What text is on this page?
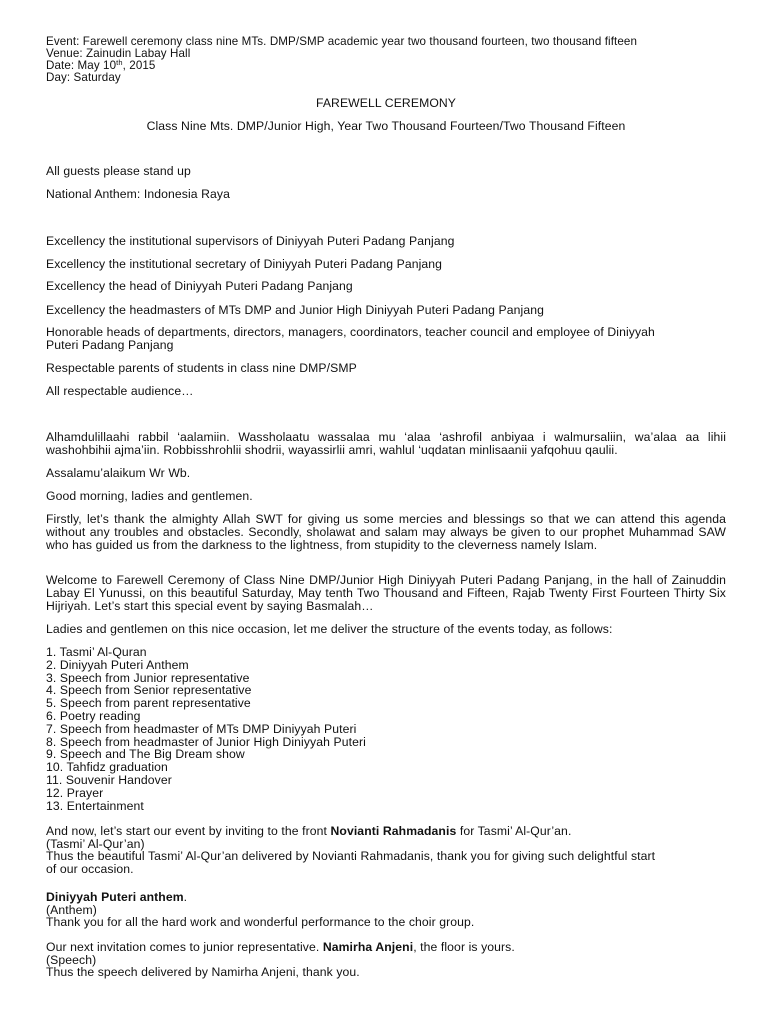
Event: Farewell ceremony class nine MTs. DMP/SMP academic year two thousand fourteen, two thousand fifteen
Venue: Zainudin Labay Hall
Date: May 10th, 2015
Day: Saturday
FAREWELL CEREMONY
Class Nine Mts. DMP/Junior High, Year Two Thousand Fourteen/Two Thousand Fifteen
All guests please stand up
National Anthem: Indonesia Raya
Excellency the institutional supervisors of Diniyyah Puteri Padang Panjang
Excellency the institutional secretary of Diniyyah Puteri Padang Panjang
Excellency the head of Diniyyah Puteri Padang Panjang
Excellency the headmasters of MTs DMP and Junior High Diniyyah Puteri Padang Panjang
Honorable heads of departments, directors, managers, coordinators, teacher council and employee of Diniyyah
Puteri Padang Panjang
Respectable parents of students in class nine DMP/SMP
All respectable audience…
Alhamdulillaahi rabbil ‘aalamiin. Wassholaatu wassalaa mu ‘alaa ‘ashrofil anbiyaa i walmursaliin, wa’alaa aa lihii washohbihii ajma’iin. Robbisshrohlii shodrii, wayassirlii amri, wahlul ‘uqdatan minlisaanii yafqohuu qaulii.
Assalamu’alaikum Wr Wb.
Good morning, ladies and gentlemen.
Firstly, let’s thank the almighty Allah SWT for giving us some mercies and blessings so that we can attend this agenda without any troubles and obstacles. Secondly, sholawat and salam may always be given to our prophet Muhammad SAW who has guided us from the darkness to the lightness, from stupidity to the cleverness namely Islam.
Welcome to Farewell Ceremony of Class Nine DMP/Junior High Diniyyah Puteri Padang Panjang, in the hall of Zainuddin Labay El Yunussi, on this beautiful Saturday, May tenth Two Thousand and Fifteen, Rajab Twenty First Fourteen Thirty Six Hijriyah. Let’s start this special event by saying Basmalah…
Ladies and gentlemen on this nice occasion, let me deliver the structure of the events today, as follows:
1. Tasmi’ Al-Quran
2. Diniyyah Puteri Anthem
3. Speech from Junior representative
4. Speech from Senior representative
5. Speech from parent representative
6. Poetry reading
7. Speech from headmaster of MTs DMP Diniyyah Puteri
8. Speech from headmaster of Junior High Diniyyah Puteri
9. Speech and The Big Dream show
10. Tahfidz graduation
11. Souvenir Handover
12. Prayer
13. Entertainment
And now, let’s start our event by inviting to the front Novianti Rahmadanis for Tasmi’ Al-Qur’an.
(Tasmi’ Al-Qur’an)
Thus the beautiful Tasmi’ Al-Qur’an delivered by Novianti Rahmadanis, thank you for giving such delightful start
of our occasion.
Diniyyah Puteri anthem.
(Anthem)
Thank you for all the hard work and wonderful performance to the choir group.
Our next invitation comes to junior representative. Namirha Anjeni, the floor is yours.
(Speech)
Thus the speech delivered by Namirha Anjeni, thank you.
